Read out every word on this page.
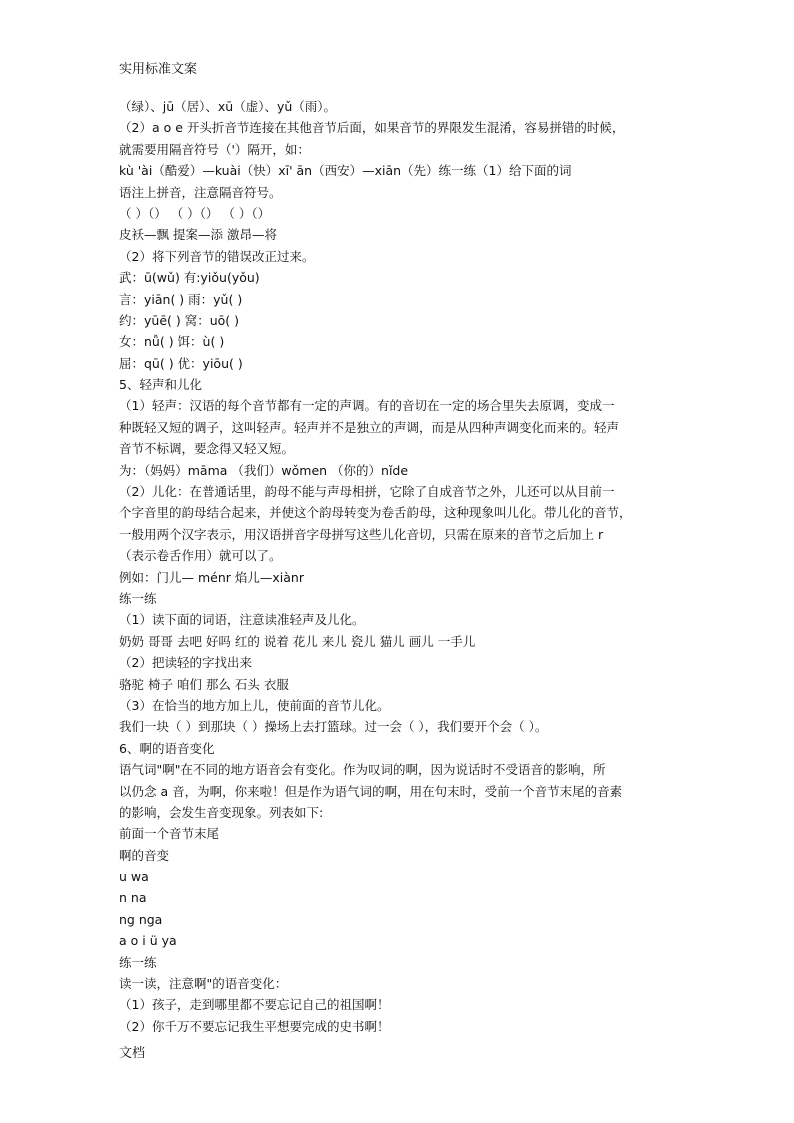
实用标准文案
（绿）、jū（居）、xū（虚）、yǔ（雨）。
（2）a o e 开头折音节连接在其他音节后面，如果音节的界限发生混淆，容易拼错的时候，
就需要用隔音符号（'）隔开，如：
kù 'ài（酷爱）—kuài（快）xī' ān（西安）—xiān（先）练一练（1）给下面的词
语注上拼音，注意隔音符号。
（ ）（） （ ）（） （ ）（）
皮袄—飘 提案—添 激昂—将
（2）将下列音节的错误改正过来。
武：ū(wǔ) 有:yiǒu(yǒu)
言：yiān( ) 雨：yǔ( )
约：yūē( ) 窝：uō( )
女：nǚ( ) 饵：ù( )
屈：qū( ) 优：yiōu( )
5、轻声和儿化
（1）轻声：汉语的每个音节都有一定的声调。有的音切在一定的场合里失去原调，变成一
种既轻又短的调子，这叫轻声。轻声并不是独立的声调，而是从四种声调变化而来的。轻声
音节不标调，要念得又轻又短。
为：（妈妈）māma （我们）wǒmen （你的）nǐde
（2）儿化：在普通话里，韵母不能与声母相拼，它除了自成音节之外，儿还可以从目前一
个字音里的韵母结合起来，并使这个韵母转变为卷舌韵母，这种现象叫儿化。带儿化的音节，
一般用两个汉字表示，用汉语拼音字母拼写这些儿化音切，只需在原来的音节之后加上 r
（表示卷舌作用）就可以了。
例如：门儿— ménr 焰儿—xiànr
练一练
（1）读下面的词语，注意读准轻声及儿化。
奶奶 哥哥 去吧 好吗 红的 说着 花儿 来儿 瓷儿 猫儿 画儿 一手儿
（2）把读轻的字找出来
骆驼 椅子 咱们 那么 石头 衣服
（3）在恰当的地方加上儿，使前面的音节儿化。
我们一块（ ）到那块（ ）操场上去打篮球。过一会（ ），我们要开个会（ ）。
6、啊的语音变化
语气词"啊"在不同的地方语音会有变化。作为叹词的啊，因为说话时不受语音的影响，所
以仍念 a 音，为啊，你来啦！但是作为语气词的啊，用在句末时，受前一个音节末尾的音素
的影响，会发生音变现象。列表如下:
前面一个音节末尾
啊的音变
u wa
n na
ng nga
a o i ü ya
练一练
读一读，注意啊"的语音变化：
（1）孩子，走到哪里都不要忘记自己的祖国啊！
（2）你千万不要忘记我生平想要完成的史书啊！
文档
